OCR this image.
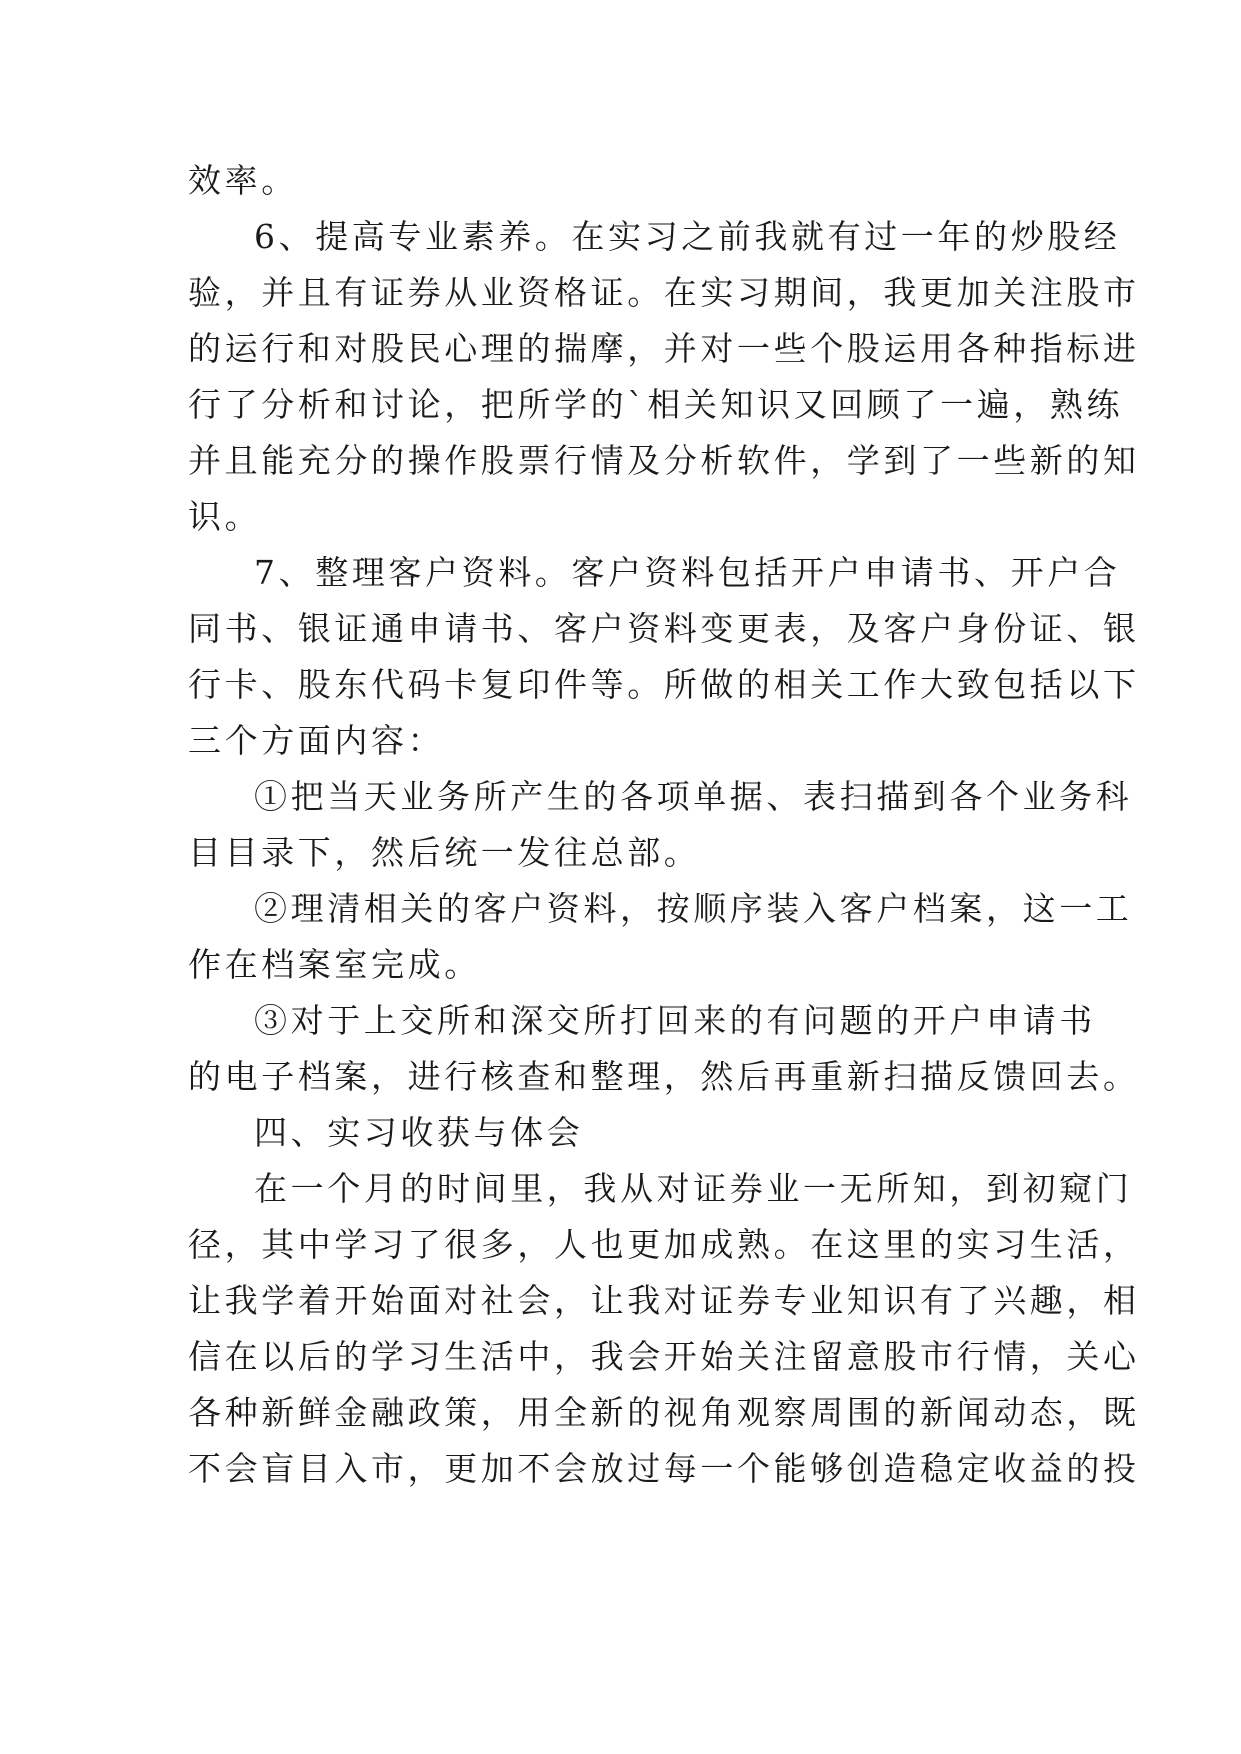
效率。
6、提高专业素养。在实习之前我就有过一年的炒股经
验，并且有证券从业资格证。在实习期间，我更加关注股市
的运行和对股民心理的揣摩，并对一些个股运用各种指标进
行了分析和讨论，把所学的`相关知识又回顾了一遍，熟练
并且能充分的操作股票行情及分析软件，学到了一些新的知
识。
7、整理客户资料。客户资料包括开户申请书、开户合
同书、银证通申请书、客户资料变更表，及客户身份证、银
行卡、股东代码卡复印件等。所做的相关工作大致包括以下
三个方面内容：
①把当天业务所产生的各项单据、表扫描到各个业务科
目目录下，然后统一发往总部。
②理清相关的客户资料，按顺序装入客户档案，这一工
作在档案室完成。
③对于上交所和深交所打回来的有问题的开户申请书
的电子档案，进行核查和整理，然后再重新扫描反馈回去。
四、实习收获与体会
在一个月的时间里，我从对证券业一无所知，到初窥门
径，其中学习了很多，人也更加成熟。在这里的实习生活，
让我学着开始面对社会，让我对证券专业知识有了兴趣，相
信在以后的学习生活中，我会开始关注留意股市行情，关心
各种新鲜金融政策，用全新的视角观察周围的新闻动态，既
不会盲目入市，更加不会放过每一个能够创造稳定收益的投
